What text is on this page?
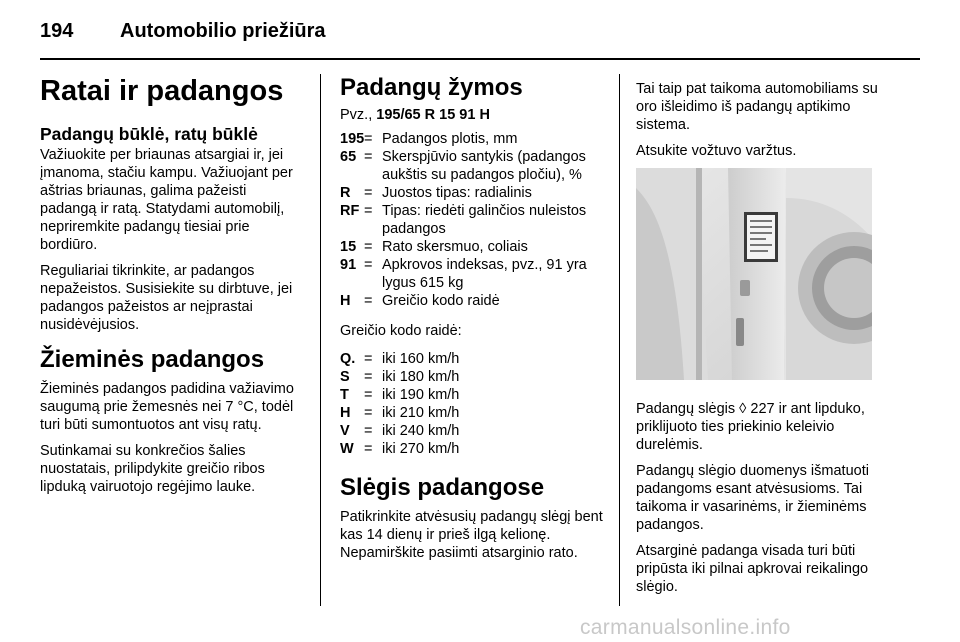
194 Automobilio priežiūra
Ratai ir padangos
Padangų būklė, ratų būklė

Važiuokite per briaunas atsargiai ir, jei įmanoma, stačiu kampu. Važiuojant per aštrias briaunas, galima pažeisti padangą ir ratą. Statydami automobilį, nepriremkite padangų tiesiai prie bordiūro.

Reguliariai tikrinkite, ar padangos nepažeistos. Susisiekite su dirbtuve, jei padangos pažeistos ar neįprastai nusidėvėjusios.

Žieminės padangos

Žieminės padangos padidina važiavimo saugumą prie žemesnės nei 7 °C, todėl turi būti sumontuotos ant visų ratų.

Sutinkamai su konkrečios šalies nuostatais, prilipdykite greičio ribos lipduką vairuotojo regėjimo lauke.

Padangų žymos

Pvz., 195/65 R 15 91 H

195 = Padangos plotis, mm
65 = Skerspjūvio santykis (padangos aukštis su padangos pločiu), %
R = Juostos tipas: radialinis
RF = Tipas: riedėti galinčios nuleistos padangos
15 = Rato skersmuo, coliais
91 = Apkrovos indeksas, pvz., 91 yra lygus 615 kg
H = Greičio kodo raidė

Greičio kodo raidė:

Q. = iki 160 km/h
S = iki 180 km/h
T	= iki 190 km/h
H = iki 210 km/h
V = iki 240 km/h
W = iki 270 km/h
Slėgis padangose

Patikrinkite atvėsusių padangų slėgį bent kas 14 dienų ir prieš ilgą kelionę. Nepamirškite pasiimti atsarginio rato.

Tai taip pat taikoma automobiliams su oro išleidimo iš padangų aptikimo sistema.

Atsukite vožtuvo varžtus.

Padangų slėgis ◊ 227 ir ant lipduko, priklijuoto ties priekinio keleivio durelėmis.

Padangų slėgio duomenys išmatuoti padangoms esant atvėsusioms. Tai taikoma ir vasarinėms, ir žieminėms padangos.

Atsarginė padanga visada turi būti pripūsta iki pilnai apkrovai reikalingo slėgio.

carmanualsonline.info
